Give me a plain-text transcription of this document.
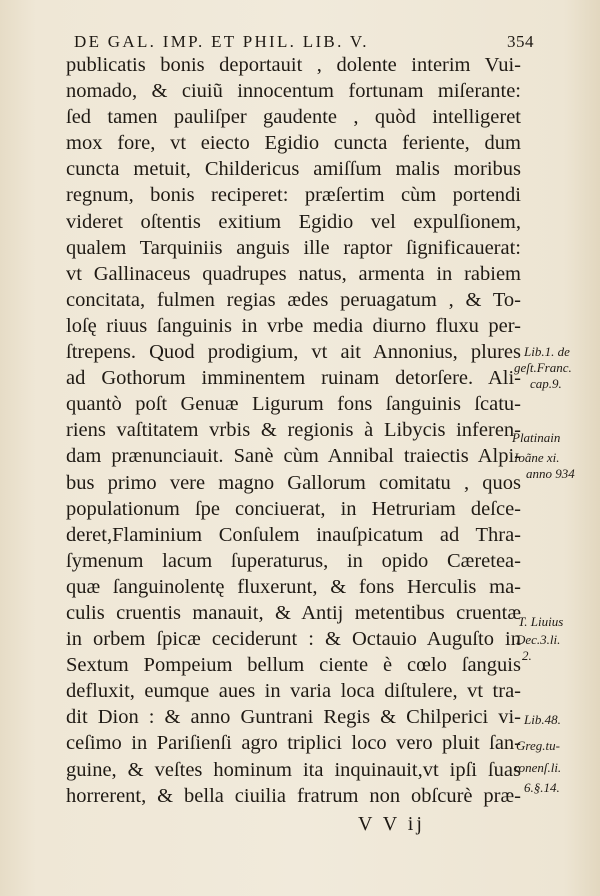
DE GAL. IMP. ET PHIL. LIB. V.	354
publicatis bonis deportauit , dolente interim Vui-
nomado, & ciuiũ innocentum fortunam miſerante:
ſed tamen pauliſper gaudente , quòd intelligeret
mox fore, vt eiecto Egidio cuncta feriente, dum
cuncta metuit, Childericus amiſſum malis moribus
regnum, bonis reciperet: præſertim cùm portendi
videret oſtentis exitium Egidio vel expulſionem,
qualem Tarquiniis anguis ille raptor ſignificauerat:
vt Gallinaceus quadrupes natus, armenta in rabiem
concitata, fulmen regias ædes peruagatum , & To-
loſę riuus ſanguinis in vrbe media diurno fluxu per-
ſtrepens. Quod prodigium, vt ait Annonius, plures
ad Gothorum imminentem ruinam detorſere. Ali-
quantò poſt Genuæ Ligurum fons ſanguinis ſcatu-
riens vaſtitatem vrbis & regionis à Libycis inferen-
dam prænunciauit. Sanè cùm Annibal traiectis Alpi-
bus primo vere magno Gallorum comitatu , quos
populationum ſpe conciuerat, in Hetruriam deſce-
deret,Flaminium Conſulem inauſpicatum ad Thra-
ſymenum lacum ſuperaturus, in opido Cæretea-
quæ ſanguinolentę fluxerunt, & fons Herculis ma-
culis cruentis manauit, & Antij metentibus cruentæ
in orbem ſpicæ ceciderunt : & Octauio Auguſto in
Sextum Pompeium bellum ciente è cœlo ſanguis
defluxit, eumque aues in varia loca diſtulere, vt tra-
dit Dion : & anno Guntrani Regis & Chilperici vi-
ceſimo in Pariſienſi agro triplici loco vero pluit ſan-
guine, & veſtes hominum ita inquinauit,vt ipſi ſuas
horrerent, & bella ciuilia fratrum non obſcurè præ-
Lib.1. de
geſt.Franc.
cap.9.
Platinain
Ioãne xi.
anno 934
T. Liuius
Dec.3.li.
2.
Lib.48.
Greg.tu-
ronenſ.li.
6.§.14.
V V ij
